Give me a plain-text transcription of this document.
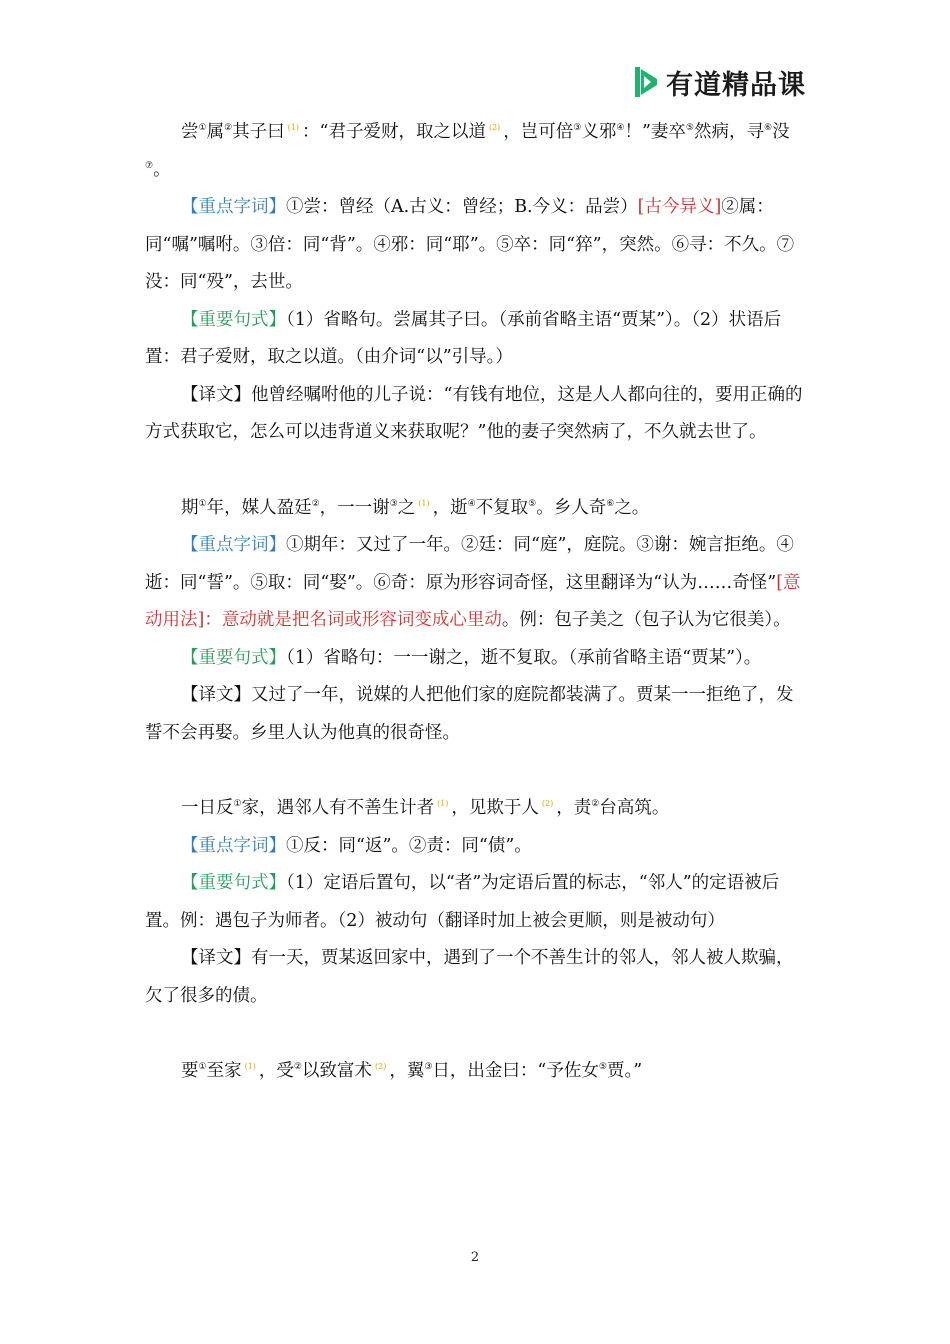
有道精品课

尝①属②其子曰 $^{(1)}$ ：“君子爱财，取之以道 $^{(2)}$ ，岂可倍③义邪④！”妻卒⑤然病，寻⑥没⑦。

【重点字词】①尝：曾经（A.古义：曾经；B.今义：品尝）[古今异义]②属：同“嘱”嘱咐。③倍：同“背”。④邪：同“耶”。⑤卒：同“猝”，突然。⑥寻：不久。⑦没：同“殁”，去世。

【重要句式】（1）省略句。尝属其子曰。（承前省略主语“贾某”）。（2）状语后置：君子爱财，取之以道。（由介词“以”引导。）

【译文】他曾经嘱咐他的儿子说：“有钱有地位，这是人人都向往的，要用正确的方式获取它，怎么可以违背道义来获取呢？”他的妻子突然病了，不久就去世了。

期①年，媒人盈廷②，一一谢③之 $^{(1)}$ ，逝④不复取⑤。乡人奇⑥之。

【重点字词】①期年：又过了一年。②廷：同“庭”，庭院。③谢：婉言拒绝。④逝：同“誓”。⑤取：同“娶”。⑥奇：原为形容词奇怪，这里翻译为“认为……奇怪”[意动用法]：意动就是把名词或形容词变成心里动。例：包子美之（包子认为它很美）。

【重要句式】（1）省略句：一一谢之，逝不复取。（承前省略主语“贾某”）。

【译文】又过了一年，说媒的人把他们家的庭院都装满了。贾某一一拒绝了，发誓不会再娶。乡里人认为他真的很奇怪。

一日反①家，遇邻人有不善生计者 $^{(1)}$ ，见欺于人 $^{(2)}$ ，责②台高筑。

【重点字词】①反：同“返”。②责：同“债”。

【重要句式】（1）定语后置句，以“者”为定语后置的标志，“邻人”的定语被后置。例：遇包子为师者。（2）被动句（翻译时加上被会更顺，则是被动句）

【译文】有一天，贾某返回家中，遇到了一个不善生计的邻人，邻人被人欺骗，欠了很多的债。

要①至家 $^{(1)}$ ，受②以致富术 $^{(2)}$ ，翼③日，出金曰：“予佐女⑤贾。”

2
